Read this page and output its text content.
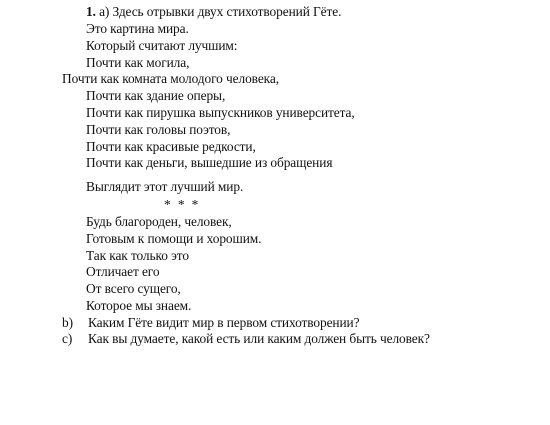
1. a) Здесь отрывки двух стихотворений Гёте.
Это картина мира.
Который считают лучшим:
Почти как могила,
Почти как комната молодого человека,
Почти как здание оперы,
Почти как пирушка выпускников университета,
Почти как головы поэтов,
Почти как красивые редкости,
Почти как деньги, вышедшие из обращения
Выглядит этот лучший мир.
* * *
Будь благороден, человек,
Готовым к помощи и хорошим.
Так как только это
Отличает его
От всего сущего,
Которое мы знаем.
b) Каким Гёте видит мир в первом стихотворении?
c) Как вы думаете, какой есть или каким должен быть человек?
